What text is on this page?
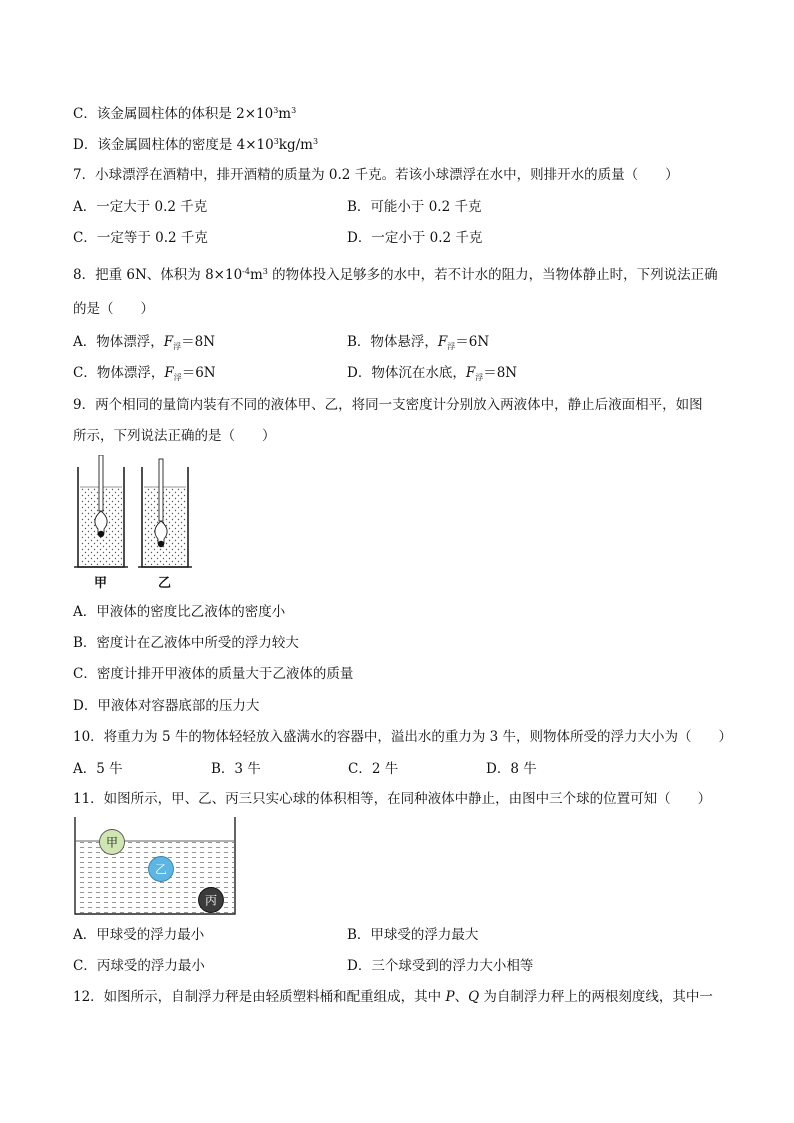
C．该金属圆柱体的体积是 $2\times 10^3m^3$
D．该金属圆柱体的密度是 $4\times 10^3kg/m^3$
7．小球漂浮在酒精中，排开酒精的质量为 0.2 千克。若该小球漂浮在水中，则排开水的质量（　　）
A．一定大于 0.2 千克	B．可能小于 0.2 千克
C．一定等于 0.2 千克	D．一定小于 0.2 千克
8．把重 6N、体积为 $8\times 10^{-4}m^3$ 的物体投入足够多的水中，若不计水的阻力，当物体静止时，下列说法正确
的是（　　）
A．物体漂浮，$F_浮=8N$	B．物体悬浮，$F_浮=6N$
C．物体漂浮，$F_浮=6N$	D．物体沉在水底，$F_浮=8N$
9．两个相同的量筒内装有不同的液体甲、乙，将同一支密度计分别放入两液体中，静止后液面相平，如图
所示，下列说法正确的是（　　）
甲	乙
A．甲液体的密度比乙液体的密度小
B．密度计在乙液体中所受的浮力较大
C．密度计排开甲液体的质量大于乙液体的质量
D．甲液体对容器底部的压力大
10．将重力为 5 牛的物体轻轻放入盛满水的容器中，溢出水的重力为 3 牛，则物体所受的浮力大小为（　　）
A．5 牛	B．3 牛	C．2 牛	D．8 牛
11．如图所示，甲、乙、丙三只实心球的体积相等，在同种液体中静止，由图中三个球的位置可知（　　）
甲
乙
丙
A．甲球受的浮力最小	B．甲球受的浮力最大
C．丙球受的浮力最小	D．三个球受到的浮力大小相等
12．如图所示，自制浮力秤是由轻质塑料桶和配重组成，其中 P、Q 为自制浮力秤上的两根刻度线，其中一
